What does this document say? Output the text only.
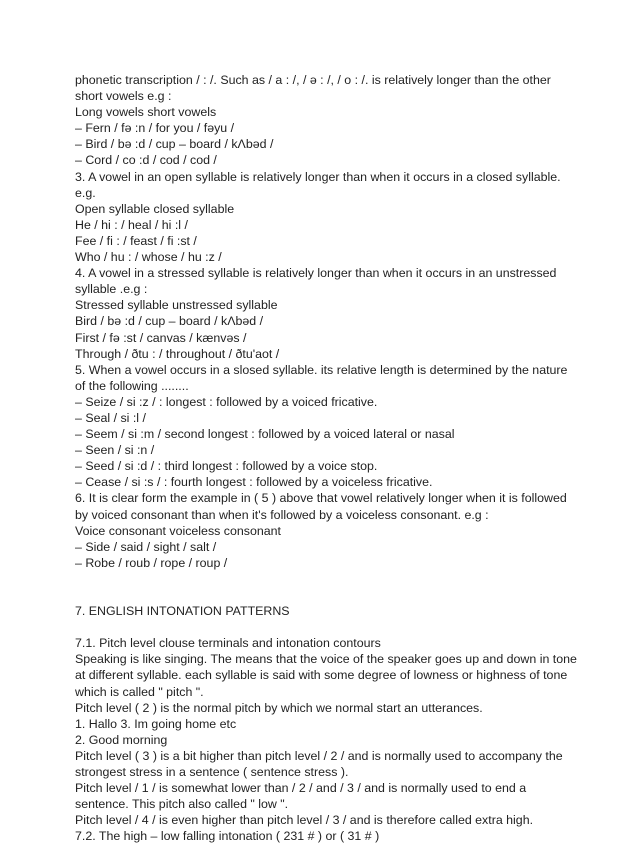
phonetic transcription / : /. Such as / a : /, / ə : /, / o : /. is relatively longer than the other
short vowels e.g :
Long vowels short vowels
– Fern / fə :n / for you / fəyu /
– Bird / bə :d / cup – board / kΛbəd /
– Cord / co :d / cod / cod /
3. A vowel in an open syllable is relatively longer than when it occurs in a closed syllable.
e.g.
Open syllable closed syllable
He / hi : / heal / hi :l /
Fee / fi : / feast / fi :st /
Who / hu : / whose / hu :z /
4. A vowel in a stressed syllable is relatively longer than when it occurs in an unstressed
syllable .e.g :
Stressed syllable unstressed syllable
Bird / bə :d / cup – board / kΛbəd /
First / fə :st / canvas / kænvəs /
Through / ðtu : / throughout / ðtu'aot /
5. When a vowel occurs in a slosed syllable. its relative length is determined by the nature
of the following ........
– Seize / si :z / : longest : followed by a voiced fricative.
– Seal / si :l /
– Seem / si :m / second longest : followed by a voiced lateral or nasal
– Seen / si :n /
– Seed / si :d / : third longest : followed by a voice stop.
– Cease / si :s / : fourth longest : followed by a voiceless fricative.
6. It is clear form the example in ( 5 ) above that vowel relatively longer when it is followed
by voiced consonant than when it's followed by a voiceless consonant. e.g :
Voice consonant voiceless consonant
– Side / said / sight / salt /
– Robe / roub / rope / roup /
7. ENGLISH INTONATION PATTERNS
7.1. Pitch level clouse terminals and intonation contours
Speaking is like singing. The means that the voice of the speaker goes up and down in tone
at different syllable. each syllable is said with some degree of lowness or highness of tone
which is called " pitch ".
Pitch level ( 2 ) is the normal pitch by which we normal start an utterances.
1. Hallo 3. Im going home etc
2. Good morning
Pitch level ( 3 ) is a bit higher than pitch level / 2 / and is normally used to accompany the
strongest stress in a sentence ( sentence stress ).
Pitch level / 1 / is somewhat lower than / 2 / and / 3 / and is normally used to end a
sentence. This pitch also called " low ".
Pitch level / 4 / is even higher than pitch level / 3 / and is therefore called extra high.
7.2. The high – low falling intonation ( 231 # ) or ( 31 # )
